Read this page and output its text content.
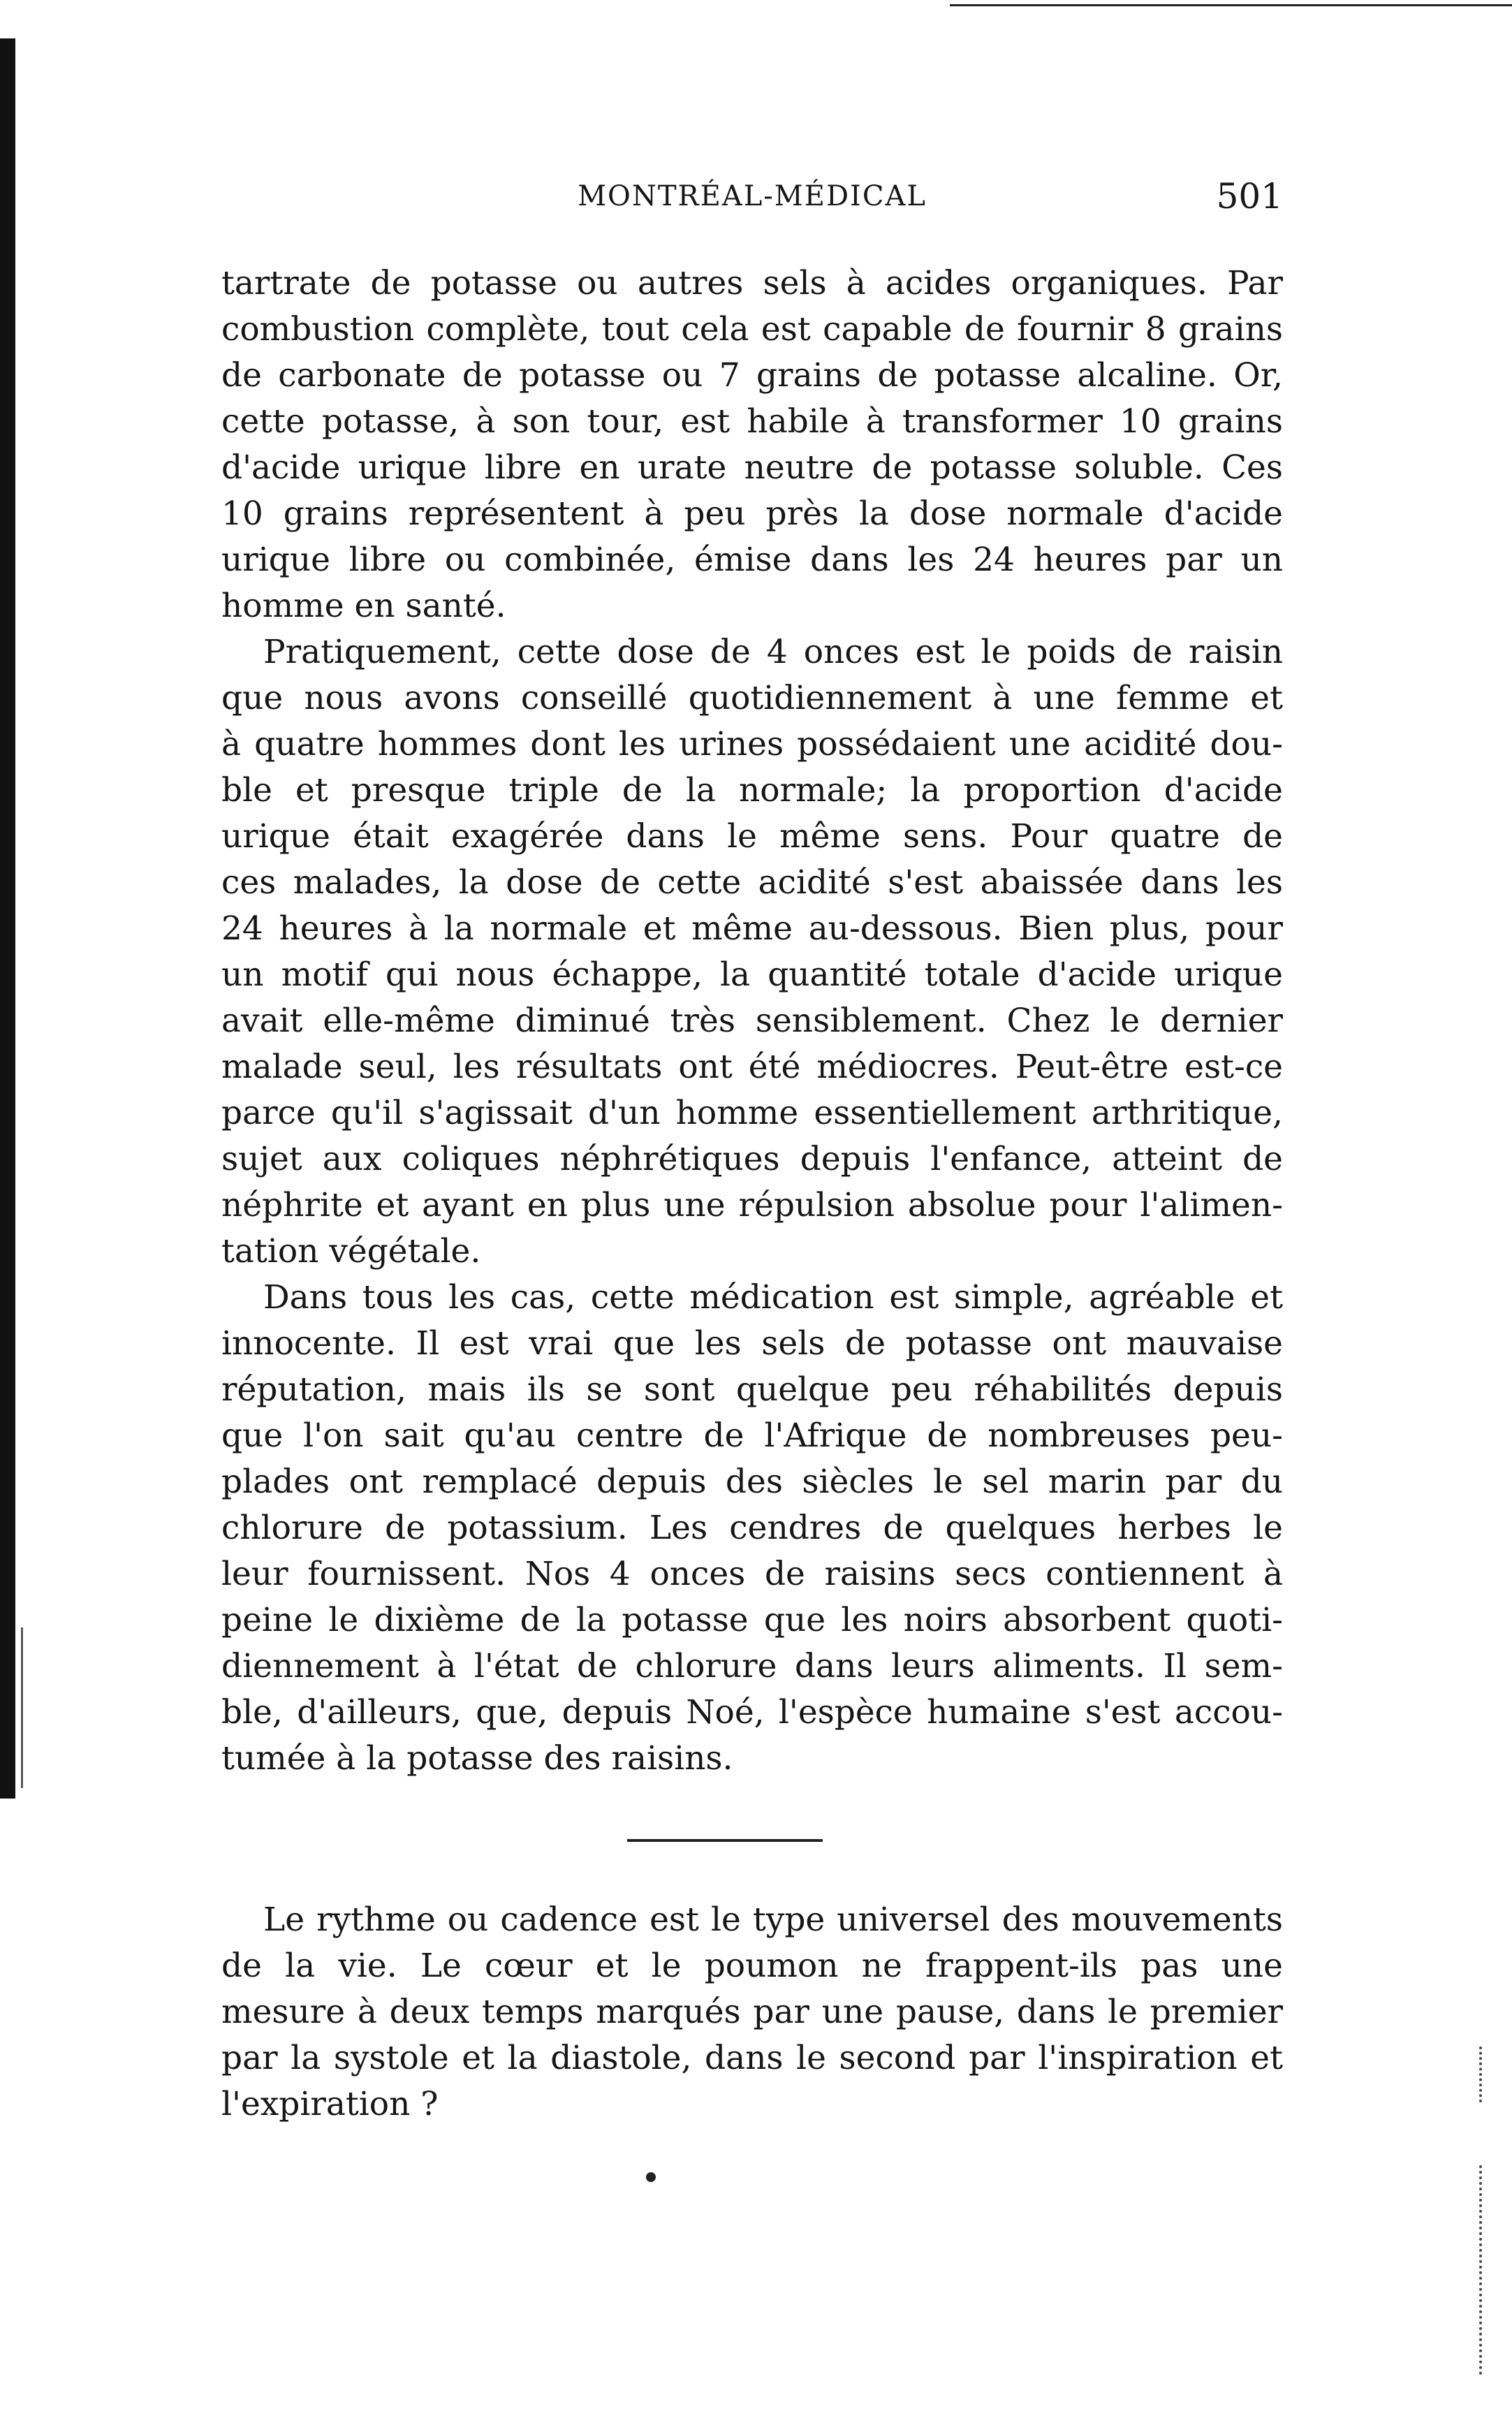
MONTRÉAL-MÉDICAL	501
tartrate de potasse ou autres sels à acides organiques. Par
combustion complète, tout cela est capable de fournir 8 grains
de carbonate de potasse ou 7 grains de potasse alcaline. Or,
cette potasse, à son tour, est habile à transformer 10 grains
d'acide urique libre en urate neutre de potasse soluble. Ces
10 grains représentent à peu près la dose normale d'acide
urique libre ou combinée, émise dans les 24 heures par un
homme en santé.
Pratiquement, cette dose de 4 onces est le poids de raisin
que nous avons conseillé quotidiennement à une femme et
à quatre hommes dont les urines possédaient une acidité dou-
ble et presque triple de la normale; la proportion d'acide
urique était exagérée dans le même sens. Pour quatre de
ces malades, la dose de cette acidité s'est abaissée dans les
24 heures à la normale et même au-dessous. Bien plus, pour
un motif qui nous échappe, la quantité totale d'acide urique
avait elle-même diminué très sensiblement. Chez le dernier
malade seul, les résultats ont été médiocres. Peut-être est-ce
parce qu'il s'agissait d'un homme essentiellement arthritique,
sujet aux coliques néphrétiques depuis l'enfance, atteint de
néphrite et ayant en plus une répulsion absolue pour l'alimen-
tation végétale.
Dans tous les cas, cette médication est simple, agréable et
innocente. Il est vrai que les sels de potasse ont mauvaise
réputation, mais ils se sont quelque peu réhabilités depuis
que l'on sait qu'au centre de l'Afrique de nombreuses peu-
plades ont remplacé depuis des siècles le sel marin par du
chlorure de potassium. Les cendres de quelques herbes le
leur fournissent. Nos 4 onces de raisins secs contiennent à
peine le dixième de la potasse que les noirs absorbent quoti-
diennement à l'état de chlorure dans leurs aliments. Il sem-
ble, d'ailleurs, que, depuis Noé, l'espèce humaine s'est accou-
tumée à la potasse des raisins.
Le rythme ou cadence est le type universel des mouvements
de la vie. Le cœur et le poumon ne frappent-ils pas une
mesure à deux temps marqués par une pause, dans le premier
par la systole et la diastole, dans le second par l'inspiration et
l'expiration ?
